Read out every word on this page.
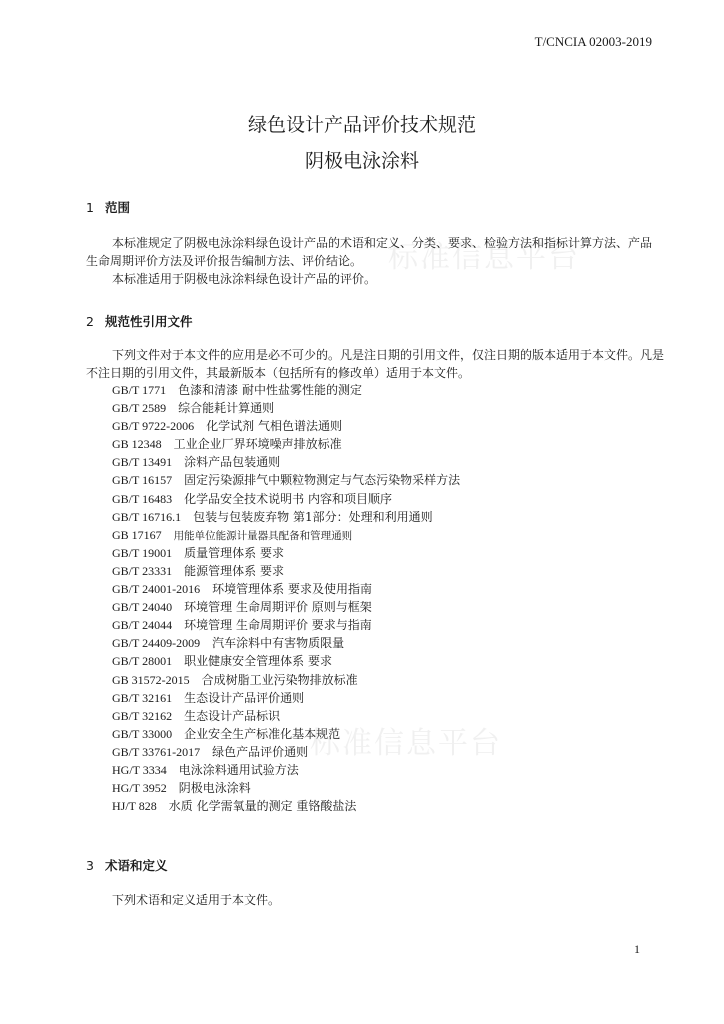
标准信息平台
标准信息平台
T/CNCIA 02003-2019
绿色设计产品评价技术规范
阴极电泳涂料
1 范围
本标准规定了阴极电泳涂料绿色设计产品的术语和定义、分类、要求、检验方法和指标计算方法、产品生命周期评价方法及评价报告编制方法、评价结论。
本标准适用于阴极电泳涂料绿色设计产品的评价。
2 规范性引用文件
下列文件对于本文件的应用是必不可少的。凡是注日期的引用文件，仅注日期的版本适用于本文件。凡是不注日期的引用文件，其最新版本（包括所有的修改单）适用于本文件。
GB/T 1771 色漆和清漆 耐中性盐雾性能的测定
GB/T 2589 综合能耗计算通则
GB/T 9722-2006 化学试剂 气相色谱法通则
GB 12348 工业企业厂界环境噪声排放标准
GB/T 13491 涂料产品包装通则
GB/T 16157 固定污染源排气中颗粒物测定与气态污染物采样方法
GB/T 16483 化学品安全技术说明书 内容和项目顺序
GB/T 16716.1 包装与包装废弃物 第1部分：处理和利用通则
GB 17167 用能单位能源计量器具配备和管理通则
GB/T 19001 质量管理体系 要求
GB/T 23331 能源管理体系 要求
GB/T 24001-2016 环境管理体系 要求及使用指南
GB/T 24040 环境管理 生命周期评价 原则与框架
GB/T 24044 环境管理 生命周期评价 要求与指南
GB/T 24409-2009 汽车涂料中有害物质限量
GB/T 28001 职业健康安全管理体系 要求
GB 31572-2015 合成树脂工业污染物排放标准
GB/T 32161 生态设计产品评价通则
GB/T 32162 生态设计产品标识
GB/T 33000 企业安全生产标准化基本规范
GB/T 33761-2017 绿色产品评价通则
HG/T 3334 电泳涂料通用试验方法
HG/T 3952 阴极电泳涂料
HJ/T 828 水质 化学需氧量的测定 重铬酸盐法
3 术语和定义
下列术语和定义适用于本文件。
1
